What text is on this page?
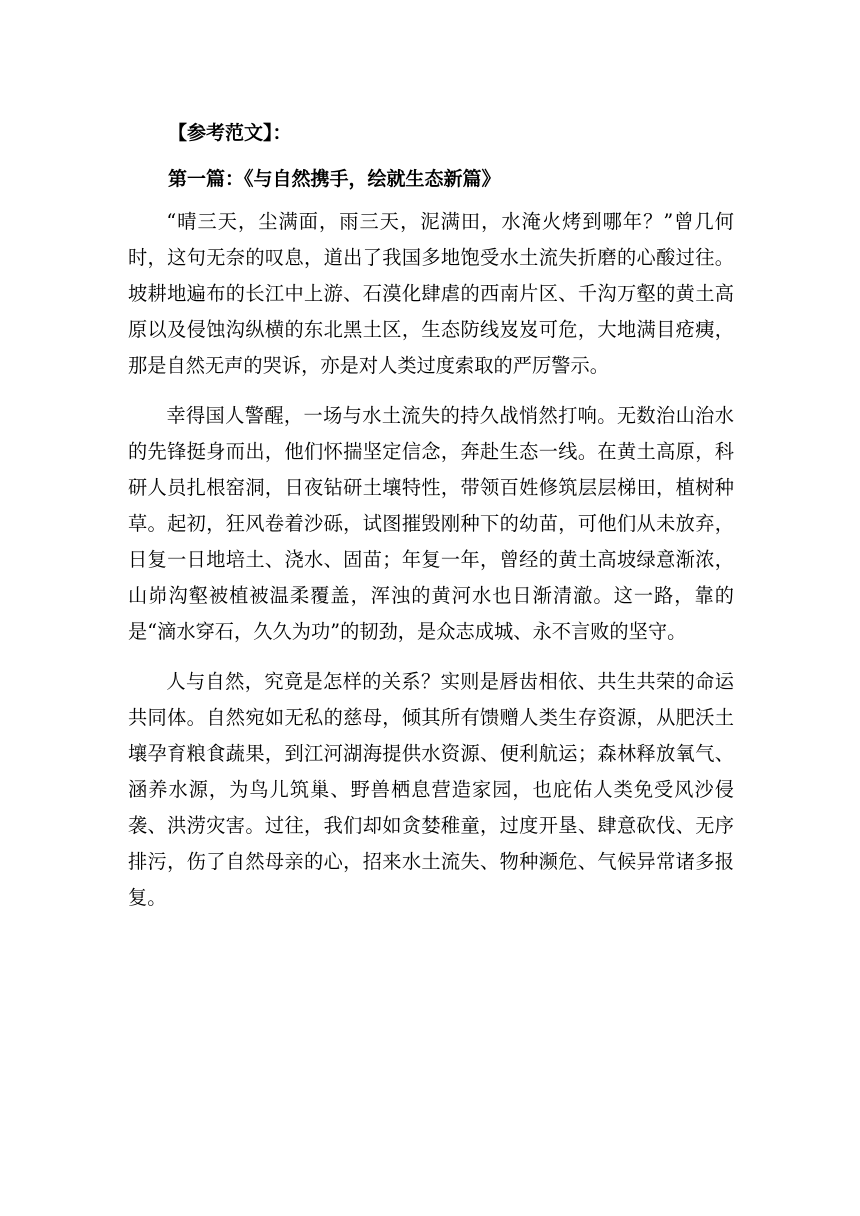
【参考范文】：

第一篇：《与自然携手，绘就生态新篇》

“晴三天，尘满面，雨三天，泥满田，水淹火烤到哪年？”曾几何时，这句无奈的叹息，道出了我国多地饱受水土流失折磨的心酸过往。坡耕地遍布的长江中上游、石漠化肆虐的西南片区、千沟万壑的黄土高原以及侵蚀沟纵横的东北黑土区，生态防线岌岌可危，大地满目疮痍，那是自然无声的哭诉，亦是对人类过度索取的严厉警示。

幸得国人警醒，一场与水土流失的持久战悄然打响。无数治山治水的先锋挺身而出，他们怀揣坚定信念，奔赴生态一线。在黄土高原，科研人员扎根窑洞，日夜钻研土壤特性，带领百姓修筑层层梯田，植树种草。起初，狂风卷着沙砾，试图摧毁刚种下的幼苗，可他们从未放弃，日复一日地培土、浇水、固苗；年复一年，曾经的黄土高坡绿意渐浓，山峁沟壑被植被温柔覆盖，浑浊的黄河水也日渐清澈。这一路，靠的是“滴水穿石，久久为功”的韧劲，是众志成城、永不言败的坚守。

人与自然，究竟是怎样的关系？实则是唇齿相依、共生共荣的命运共同体。自然宛如无私的慈母，倾其所有馈赠人类生存资源，从肥沃土壤孕育粮食蔬果，到江河湖海提供水资源、便利航运；森林释放氧气、涵养水源，为鸟儿筑巢、野兽栖息营造家园，也庇佑人类免受风沙侵袭、洪涝灾害。过往，我们却如贪婪稚童，过度开垦、肆意砍伐、无序排污，伤了自然母亲的心，招来水土流失、物种濒危、气候异常诸多报复。
